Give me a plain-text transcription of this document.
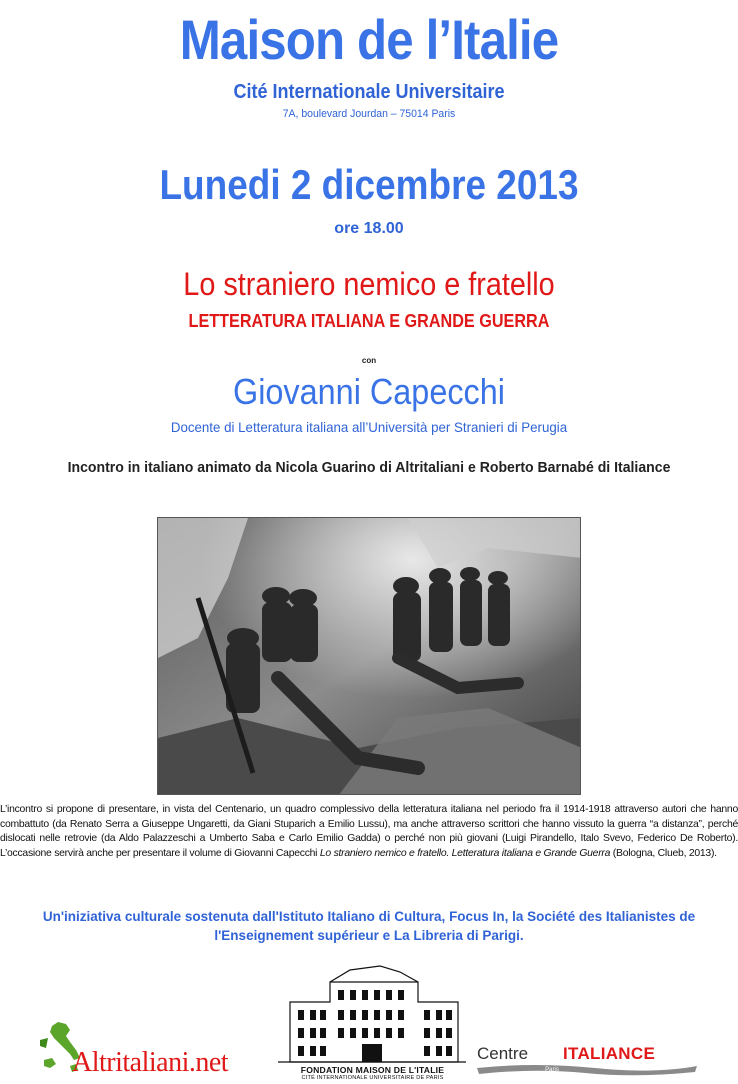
Maison de l’Italie
Cité Internationale Universitaire
7A, boulevard Jourdan – 75014 Paris
Lunedi 2 dicembre 2013
ore 18.00
Lo straniero nemico e fratello
LETTERATURA ITALIANA E GRANDE GUERRA
con
Giovanni Capecchi
Docente di Letteratura italiana all’Università per Stranieri di Perugia
Incontro in italiano animato da Nicola Guarino di Altritaliani e Roberto Barnabé di Italiance
L’incontro si propone di presentare, in vista del Centenario, un quadro complessivo della letteratura italiana nel periodo fra il 1914-1918 attraverso autori che hanno combattuto (da Renato Serra a Giuseppe Ungaretti, da Giani Stuparich a Emilio Lussu), ma anche attraverso scrittori che hanno vissuto la guerra “a distanza”, perché dislocati nelle retrovie (da Aldo Palazzeschi a Umberto Saba e Carlo Emilio Gadda) o perché non più giovani (Luigi Pirandello, Italo Svevo, Federico De Roberto). L’occasione servirà anche per presentare il volume di Giovanni Capecchi Lo straniero nemico e fratello. Letteratura italiana e Grande Guerra (Bologna, Clueb, 2013).
Un'iniziativa culturale sostenuta dall'Istituto Italiano di Cultura, Focus In, la Société des Italianistes de l'Enseignement supérieur e La Libreria di Parigi.
Altritaliani.net	FONDATION MAISON DE L'ITALIE
CITÉ INTERNATIONALE UNIVERSITAIRE DE PARIS
Centre ITALIANCE
Paris
